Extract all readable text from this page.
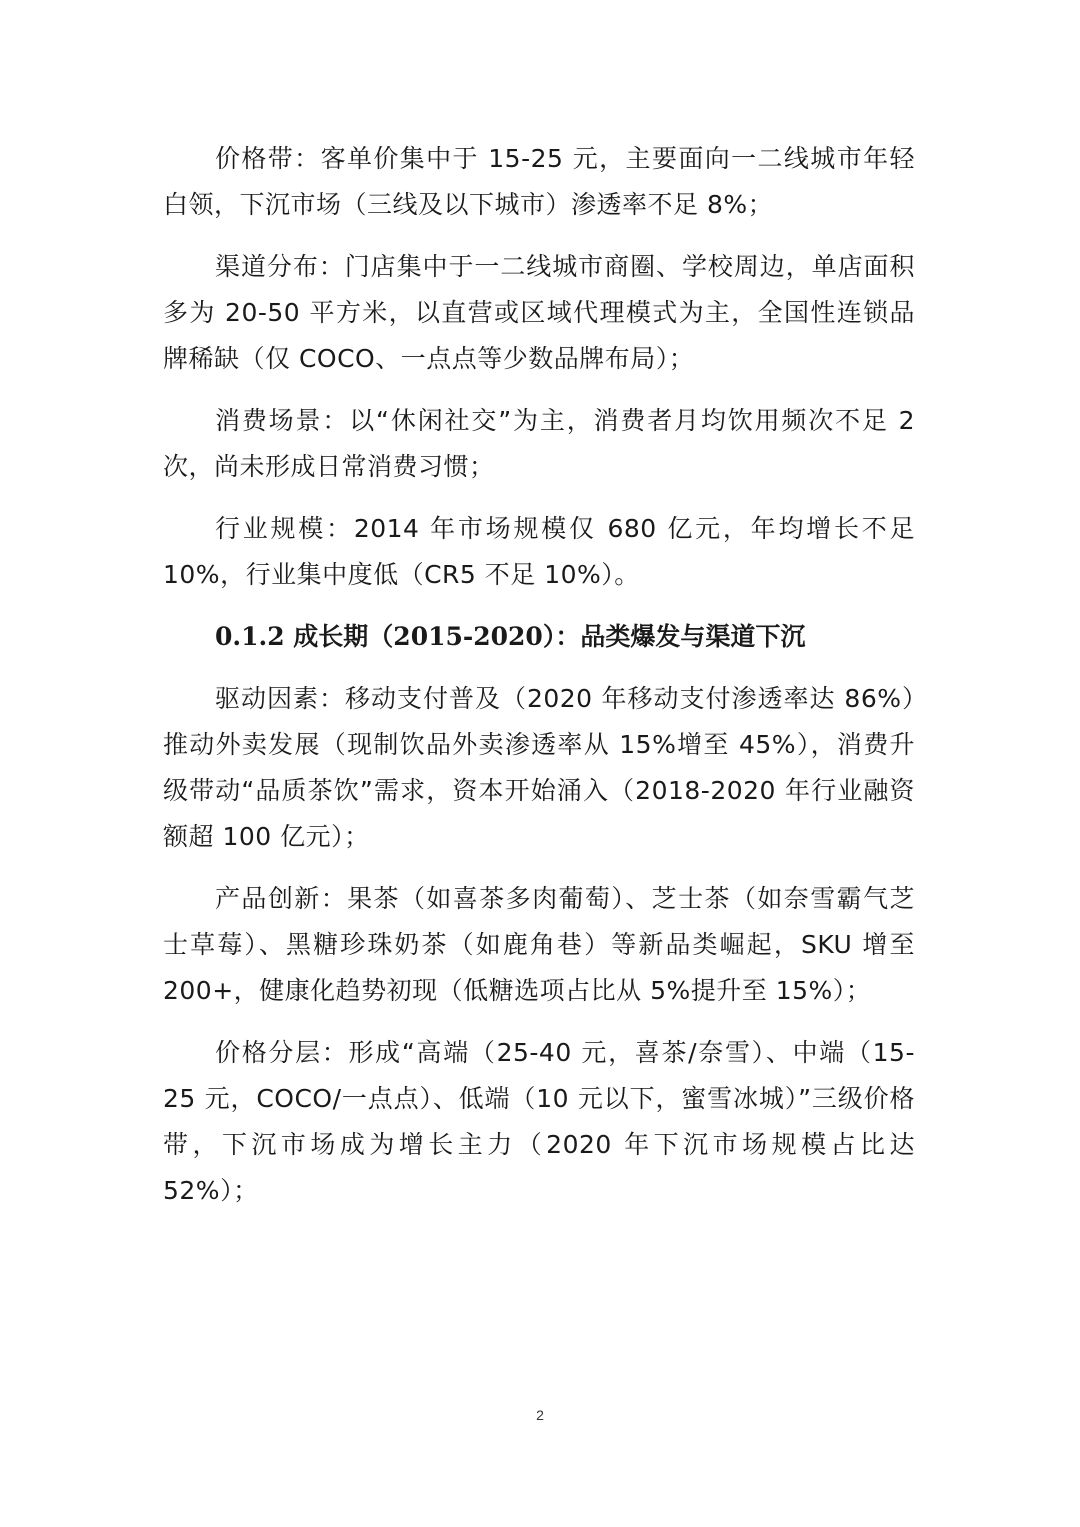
价格带：客单价集中于 15-25 元，主要面向一二线城市年轻白领，下沉市场（三线及以下城市）渗透率不足 8%；

渠道分布：门店集中于一二线城市商圈、学校周边，单店面积多为 20-50 平方米，以直营或区域代理模式为主，全国性连锁品牌稀缺（仅 COCO、一点点等少数品牌布局）；

消费场景：以“休闲社交”为主，消费者月均饮用频次不足 2 次，尚未形成日常消费习惯；

行业规模：2014 年市场规模仅 680 亿元，年均增长不足 10%，行业集中度低（CR5 不足 10%）。

0.1.2 成长期（2015-2020）：品类爆发与渠道下沉

驱动因素：移动支付普及（2020 年移动支付渗透率达 86%）推动外卖发展（现制饮品外卖渗透率从 15%增至 45%），消费升级带动“品质茶饮”需求，资本开始涌入（2018-2020 年行业融资额超 100 亿元）；

产品创新：果茶（如喜茶多肉葡萄）、芝士茶（如奈雪霸气芝士草莓）、黑糖珍珠奶茶（如鹿角巷）等新品类崛起，SKU 增至 200+，健康化趋势初现（低糖选项占比从 5%提升至 15%）；

价格分层：形成“高端（25-40 元，喜茶/奈雪）、中端（15-25 元，COCO/一点点）、低端（10 元以下，蜜雪冰城）”三级价格带，下沉市场成为增长主力（2020 年下沉市场规模占比达 52%）；

2
